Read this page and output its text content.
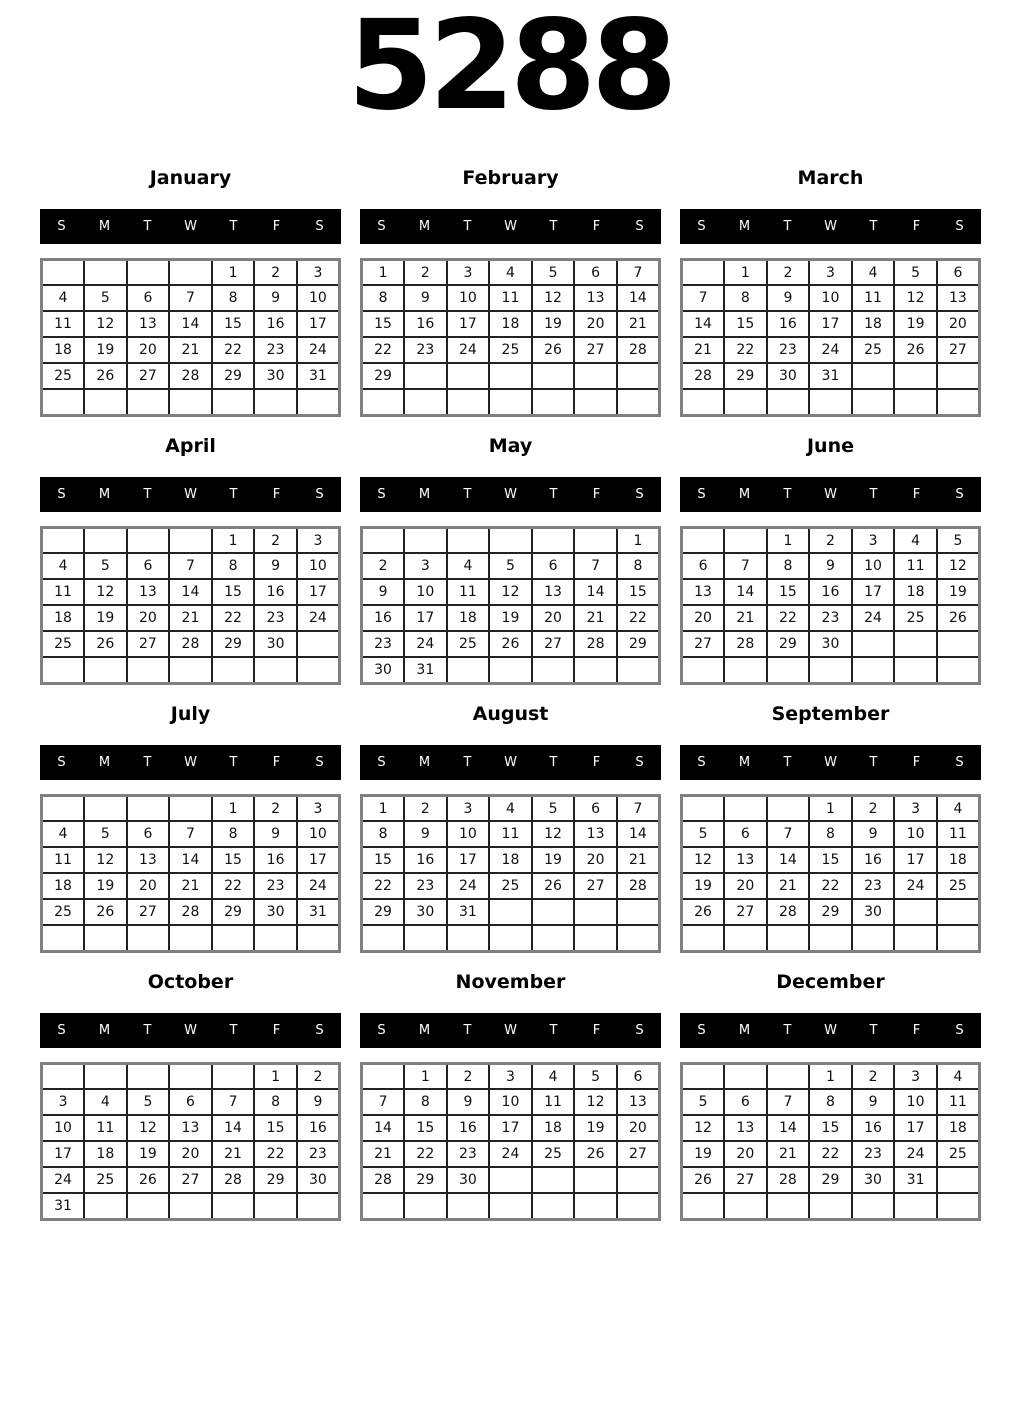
5288
January
S	M	T	W	T	F	S
				1	2	3
4	5	6	7	8	9	10
11	12	13	14	15	16	17
18	19	20	21	22	23	24
25	26	27	28	29	30	31

February
S	M	T	W	T	F	S
1	2	3	4	5	6	7
8	9	10	11	12	13	14
15	16	17	18	19	20	21
22	23	24	25	26	27	28
29						

March
S	M	T	W	T	F	S
	1	2	3	4	5	6
7	8	9	10	11	12	13
14	15	16	17	18	19	20
21	22	23	24	25	26	27
28	29	30	31			

April
S	M	T	W	T	F	S
				1	2	3
4	5	6	7	8	9	10
11	12	13	14	15	16	17
18	19	20	21	22	23	24
25	26	27	28	29	30	

May
S	M	T	W	T	F	S
						1
2	3	4	5	6	7	8
9	10	11	12	13	14	15
16	17	18	19	20	21	22
23	24	25	26	27	28	29
30	31					
June
S	M	T	W	T	F	S
		1	2	3	4	5
6	7	8	9	10	11	12
13	14	15	16	17	18	19
20	21	22	23	24	25	26
27	28	29	30			

July
S	M	T	W	T	F	S
				1	2	3
4	5	6	7	8	9	10
11	12	13	14	15	16	17
18	19	20	21	22	23	24
25	26	27	28	29	30	31

August
S	M	T	W	T	F	S
1	2	3	4	5	6	7
8	9	10	11	12	13	14
15	16	17	18	19	20	21
22	23	24	25	26	27	28
29	30	31				

September
S	M	T	W	T	F	S
			1	2	3	4
5	6	7	8	9	10	11
12	13	14	15	16	17	18
19	20	21	22	23	24	25
26	27	28	29	30		

October
S	M	T	W	T	F	S
					1	2
3	4	5	6	7	8	9
10	11	12	13	14	15	16
17	18	19	20	21	22	23
24	25	26	27	28	29	30
31						
November
S	M	T	W	T	F	S
	1	2	3	4	5	6
7	8	9	10	11	12	13
14	15	16	17	18	19	20
21	22	23	24	25	26	27
28	29	30				

December
S	M	T	W	T	F	S
			1	2	3	4
5	6	7	8	9	10	11
12	13	14	15	16	17	18
19	20	21	22	23	24	25
26	27	28	29	30	31	
